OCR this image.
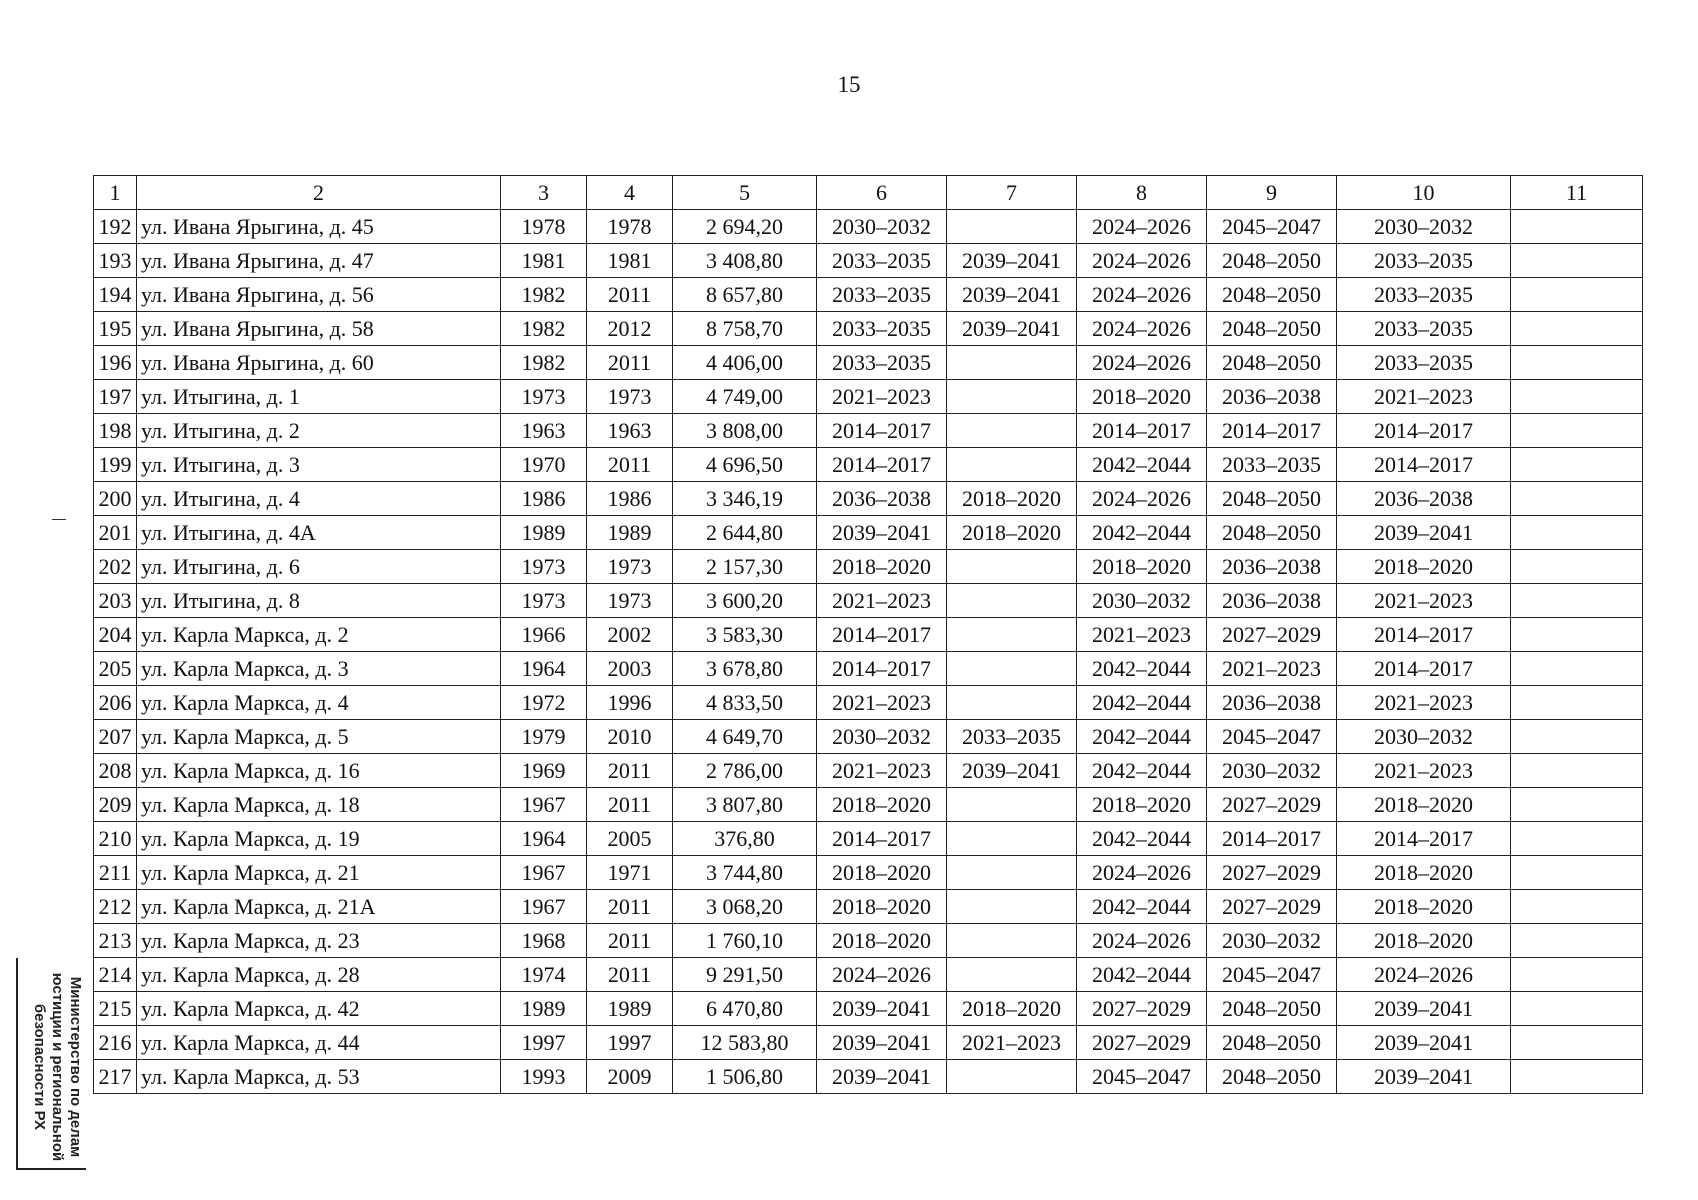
15
1	2	3	4	5	6	7	8	9	10	11
192	ул. Ивана Ярыгина, д. 45	1978	1978	2 694,20	2030–2032		2024–2026	2045–2047	2030–2032	
193	ул. Ивана Ярыгина, д. 47	1981	1981	3 408,80	2033–2035	2039–2041	2024–2026	2048–2050	2033–2035	
194	ул. Ивана Ярыгина, д. 56	1982	2011	8 657,80	2033–2035	2039–2041	2024–2026	2048–2050	2033–2035	
195	ул. Ивана Ярыгина, д. 58	1982	2012	8 758,70	2033–2035	2039–2041	2024–2026	2048–2050	2033–2035	
196	ул. Ивана Ярыгина, д. 60	1982	2011	4 406,00	2033–2035		2024–2026	2048–2050	2033–2035	
197	ул. Итыгина, д. 1	1973	1973	4 749,00	2021–2023		2018–2020	2036–2038	2021–2023	
198	ул. Итыгина, д. 2	1963	1963	3 808,00	2014–2017		2014–2017	2014–2017	2014–2017	
199	ул. Итыгина, д. 3	1970	2011	4 696,50	2014–2017		2042–2044	2033–2035	2014–2017	
200	ул. Итыгина, д. 4	1986	1986	3 346,19	2036–2038	2018–2020	2024–2026	2048–2050	2036–2038	
201	ул. Итыгина, д. 4А	1989	1989	2 644,80	2039–2041	2018–2020	2042–2044	2048–2050	2039–2041	
202	ул. Итыгина, д. 6	1973	1973	2 157,30	2018–2020		2018–2020	2036–2038	2018–2020	
203	ул. Итыгина, д. 8	1973	1973	3 600,20	2021–2023		2030–2032	2036–2038	2021–2023	
204	ул. Карла Маркса, д. 2	1966	2002	3 583,30	2014–2017		2021–2023	2027–2029	2014–2017	
205	ул. Карла Маркса, д. 3	1964	2003	3 678,80	2014–2017		2042–2044	2021–2023	2014–2017	
206	ул. Карла Маркса, д. 4	1972	1996	4 833,50	2021–2023		2042–2044	2036–2038	2021–2023	
207	ул. Карла Маркса, д. 5	1979	2010	4 649,70	2030–2032	2033–2035	2042–2044	2045–2047	2030–2032	
208	ул. Карла Маркса, д. 16	1969	2011	2 786,00	2021–2023	2039–2041	2042–2044	2030–2032	2021–2023	
209	ул. Карла Маркса, д. 18	1967	2011	3 807,80	2018–2020		2018–2020	2027–2029	2018–2020	
210	ул. Карла Маркса, д. 19	1964	2005	376,80	2014–2017		2042–2044	2014–2017	2014–2017	
211	ул. Карла Маркса, д. 21	1967	1971	3 744,80	2018–2020		2024–2026	2027–2029	2018–2020	
212	ул. Карла Маркса, д. 21А	1967	2011	3 068,20	2018–2020		2042–2044	2027–2029	2018–2020	
213	ул. Карла Маркса, д. 23	1968	2011	1 760,10	2018–2020		2024–2026	2030–2032	2018–2020	
214	ул. Карла Маркса, д. 28	1974	2011	9 291,50	2024–2026		2042–2044	2045–2047	2024–2026	
215	ул. Карла Маркса, д. 42	1989	1989	6 470,80	2039–2041	2018–2020	2027–2029	2048–2050	2039–2041	
216	ул. Карла Маркса, д. 44	1997	1997	12 583,80	2039–2041	2021–2023	2027–2029	2048–2050	2039–2041	
217	ул. Карла Маркса, д. 53	1993	2009	1 506,80	2039–2041		2045–2047	2048–2050	2039–2041	
Министерство по делам
юстиции и региональной
безопасности РХ
